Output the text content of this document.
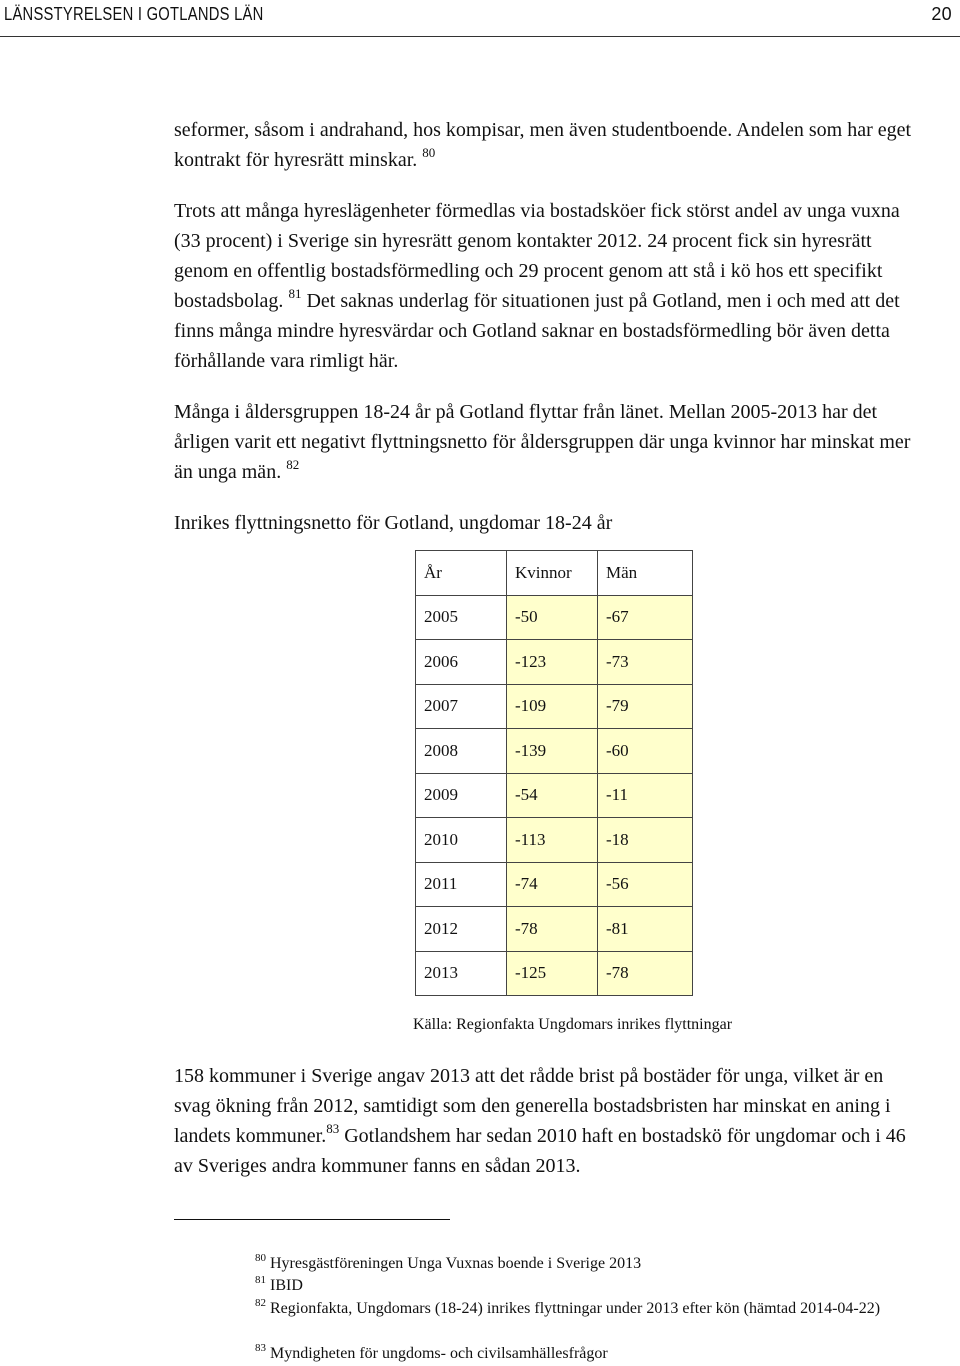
LÄNSSTYRELSEN I GOTLANDS LÄN	20

seformer, såsom i andrahand, hos kompisar, men även studentboende. Andelen som har eget kontrakt för hyresrätt minskar. $^{80}$

Trots att många hyreslägenheter förmedlas via bostadsköer fick störst andel av unga vuxna (33 procent) i Sverige sin hyresrätt genom kontakter 2012. 24 procent fick sin hyresrätt genom en offentlig bostadsförmedling och 29 procent genom att stå i kö hos ett specifikt bostadsbolag. $^{81}$ Det saknas underlag för situationen just på Gotland, men i och med att det finns många mindre hyresvärdar och Gotland saknar en bostadsförmedling bör även detta förhållande vara rimligt här.

Många i åldersgruppen 18-24 år på Gotland flyttar från länet. Mellan 2005-2013 har det årligen varit ett negativt flyttningsnetto för åldersgruppen där unga kvinnor har minskat mer än unga män. $^{82}$

Inrikes flyttningsnetto för Gotland, ungdomar 18-24 år

År	Kvinnor	Män
2005	-50	-67
2006	-123	-73
2007	-109	-79
2008	-139	-60
2009	-54	-11
2010	-113	-18
2011	-74	-56
2012	-78	-81
2013	-125	-78
Källa: Regionfakta Ungdomars inrikes flyttningar

158 kommuner i Sverige angav 2013 att det rådde brist på bostäder för unga, vilket är en svag ökning från 2012, samtidigt som den generella bostadsbristen har minskat en aning i landets kommuner.$^{83}$ Gotlandshem har sedan 2010 haft en bostadskö för ungdomar och i 46 av Sveriges andra kommuner fanns en sådan 2013.

$^{80}$ Hyresgästföreningen Unga Vuxnas boende i Sverige 2013

$^{81}$ IBID

$^{82}$ Regionfakta, Ungdomars (18-24) inrikes flyttningar under 2013 efter kön (hämtad 2014-04-22)

$^{83}$ Myndigheten för ungdoms- och civilsamhällesfrågor
